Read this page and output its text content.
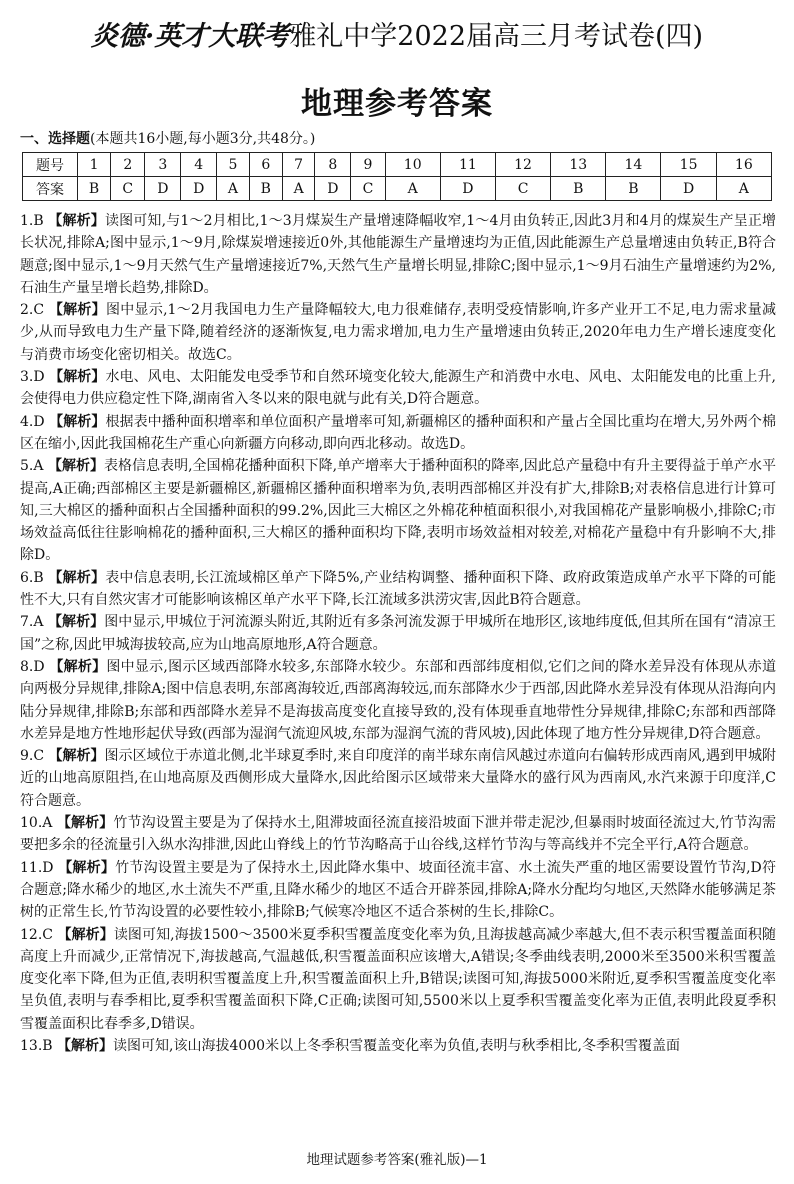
炎德·英才大联考雅礼中学2022届高三月考试卷(四)
地理参考答案
一、选择题(本题共16小题,每小题3分,共48分。)
题号	1	2	3	4	5	6	7	8	9	10	11	12	13	14	15	16
答案	B	C	D	D	A	B	A	D	C	A	D	C	B	B	D	A

1.B 【解析】读图可知,与1～2月相比,1～3月煤炭生产量增速降幅收窄,1～4月由负转正,因此3月和4月的煤炭生产呈正增长状况,排除A;图中显示,1～9月,除煤炭增速接近0外,其他能源生产量增速均为正值,因此能源生产总量增速由负转正,B符合题意;图中显示,1～9月天然气生产量增速接近7%,天然气生产量增长明显,排除C;图中显示,1～9月石油生产量增速约为2%,石油生产量呈增长趋势,排除D。

2.C 【解析】图中显示,1～2月我国电力生产量降幅较大,电力很难储存,表明受疫情影响,许多产业开工不足,电力需求量减少,从而导致电力生产量下降,随着经济的逐渐恢复,电力需求增加,电力生产量增速由负转正,2020年电力生产增长速度变化与消费市场变化密切相关。故选C。

3.D 【解析】水电、风电、太阳能发电受季节和自然环境变化较大,能源生产和消费中水电、风电、太阳能发电的比重上升,会使得电力供应稳定性下降,湖南省入冬以来的限电就与此有关,D符合题意。

4.D 【解析】根据表中播种面积增率和单位面积产量增率可知,新疆棉区的播种面积和产量占全国比重均在增大,另外两个棉区在缩小,因此我国棉花生产重心向新疆方向移动,即向西北移动。故选D。

5.A 【解析】表格信息表明,全国棉花播种面积下降,单产增率大于播种面积的降率,因此总产量稳中有升主要得益于单产水平提高,A正确;西部棉区主要是新疆棉区,新疆棉区播种面积增率为负,表明西部棉区并没有扩大,排除B;对表格信息进行计算可知,三大棉区的播种面积占全国播种面积的99.2%,因此三大棉区之外棉花种植面积很小,对我国棉花产量影响极小,排除C;市场效益高低往往影响棉花的播种面积,三大棉区的播种面积均下降,表明市场效益相对较差,对棉花产量稳中有升影响不大,排除D。

6.B 【解析】表中信息表明,长江流域棉区单产下降5%,产业结构调整、播种面积下降、政府政策造成单产水平下降的可能性不大,只有自然灾害才可能影响该棉区单产水平下降,长江流域多洪涝灾害,因此B符合题意。

7.A 【解析】图中显示,甲城位于河流源头附近,其附近有多条河流发源于甲城所在地形区,该地纬度低,但其所在国有“清凉王国”之称,因此甲城海拔较高,应为山地高原地形,A符合题意。

8.D 【解析】图中显示,图示区域西部降水较多,东部降水较少。东部和西部纬度相似,它们之间的降水差异没有体现从赤道向两极分异规律,排除A;图中信息表明,东部离海较近,西部离海较远,而东部降水少于西部,因此降水差异没有体现从沿海向内陆分异规律,排除B;东部和西部降水差异不是海拔高度变化直接导致的,没有体现垂直地带性分异规律,排除C;东部和西部降水差异是地方性地形起伏导致(西部为湿润气流迎风坡,东部为湿润气流的背风坡),因此体现了地方性分异规律,D符合题意。

9.C 【解析】图示区域位于赤道北侧,北半球夏季时,来自印度洋的南半球东南信风越过赤道向右偏转形成西南风,遇到甲城附近的山地高原阻挡,在山地高原及西侧形成大量降水,因此给图示区域带来大量降水的盛行风为西南风,水汽来源于印度洋,C符合题意。

10.A 【解析】竹节沟设置主要是为了保持水土,阻滞坡面径流直接沿坡面下泄并带走泥沙,但暴雨时坡面径流过大,竹节沟需要把多余的径流量引入纵水沟排泄,因此山脊线上的竹节沟略高于山谷线,这样竹节沟与等高线并不完全平行,A符合题意。

11.D 【解析】竹节沟设置主要是为了保持水土,因此降水集中、坡面径流丰富、水土流失严重的地区需要设置竹节沟,D符合题意;降水稀少的地区,水土流失不严重,且降水稀少的地区不适合开辟茶园,排除A;降水分配均匀地区,天然降水能够满足茶树的正常生长,竹节沟设置的必要性较小,排除B;气候寒冷地区不适合茶树的生长,排除C。

12.C 【解析】读图可知,海拔1500～3500米夏季积雪覆盖度变化率为负,且海拔越高减少率越大,但不表示积雪覆盖面积随高度上升而减少,正常情况下,海拔越高,气温越低,积雪覆盖面积应该增大,A错误;冬季曲线表明,2000米至3500米积雪覆盖度变化率下降,但为正值,表明积雪覆盖度上升,积雪覆盖面积上升,B错误;读图可知,海拔5000米附近,夏季积雪覆盖度变化率呈负值,表明与春季相比,夏季积雪覆盖面积下降,C正确;读图可知,5500米以上夏季积雪覆盖变化率为正值,表明此段夏季积雪覆盖面积比春季多,D错误。

13.B 【解析】读图可知,该山海拔4000米以上冬季积雪覆盖变化率为负值,表明与秋季相比,冬季积雪覆盖面

地理试题参考答案(雅礼版)—1
